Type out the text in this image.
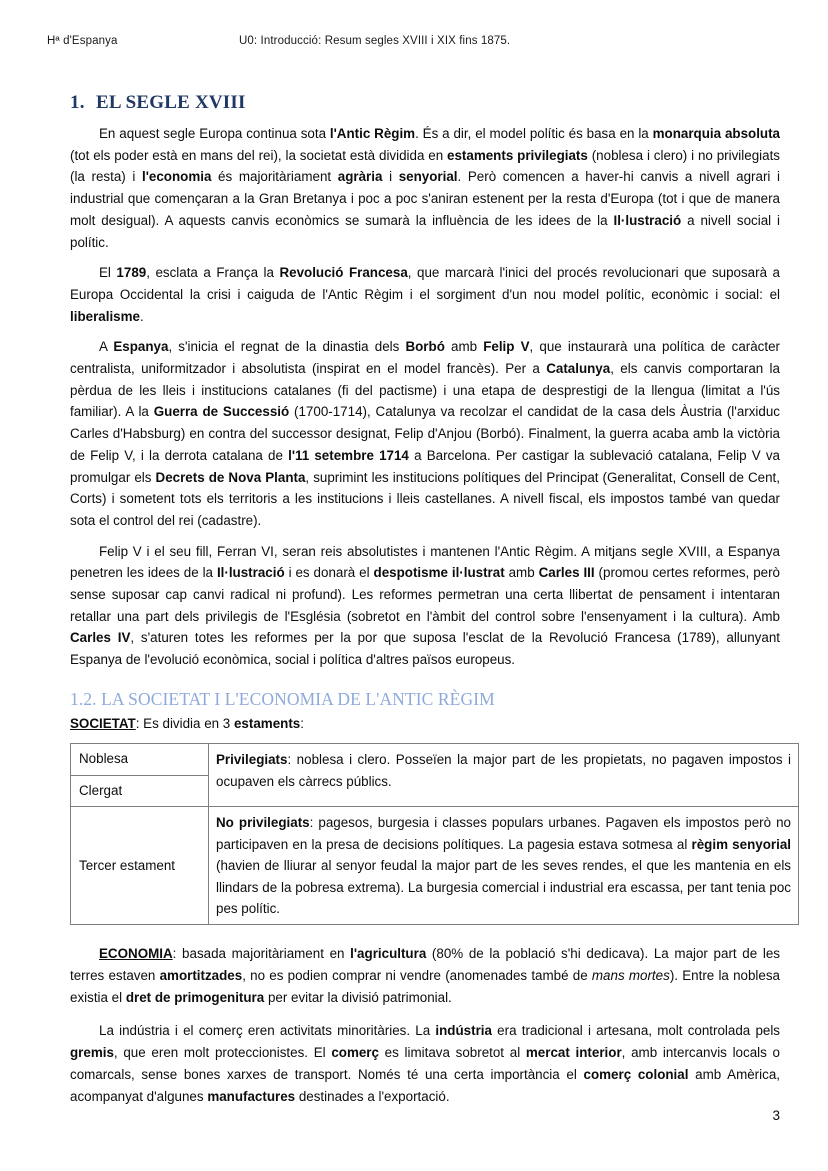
Hª d'Espanya	U0: Introducció: Resum segles XVIII i XIX fins 1875.
1. EL SEGLE XVIII

En aquest segle Europa continua sota l'Antic Règim. És a dir, el model polític és basa en la monarquia absoluta (tot els poder està en mans del rei), la societat està dividida en estaments privilegiats (noblesa i clero) i no privilegiats (la resta) i l'economia és majoritàriament agrària i senyorial. Però comencen a haver-hi canvis a nivell agrari i industrial que començaran a la Gran Bretanya i poc a poc s'aniran estenent per la resta d'Europa (tot i que de manera molt desigual). A aquests canvis econòmics se sumarà la influència de les idees de la Il·lustració a nivell social i polític.

El 1789, esclata a França la Revolució Francesa, que marcarà l'inici del procés revolucionari que suposarà a Europa Occidental la crisi i caiguda de l'Antic Règim i el sorgiment d'un nou model polític, econòmic i social: el liberalisme.

A Espanya, s'inicia el regnat de la dinastia dels Borbó amb Felip V, que instaurarà una política de caràcter centralista, uniformitzador i absolutista (inspirat en el model francès). Per a Catalunya, els canvis comportaran la pèrdua de les lleis i institucions catalanes (fi del pactisme) i una etapa de desprestigi de la llengua (limitat a l'ús familiar). A la Guerra de Successió (1700-1714), Catalunya va recolzar el candidat de la casa dels Àustria (l'arxiduc Carles d'Habsburg) en contra del successor designat, Felip d'Anjou (Borbó). Finalment, la guerra acaba amb la victòria de Felip V, i la derrota catalana de l'11 setembre 1714 a Barcelona. Per castigar la sublevació catalana, Felip V va promulgar els Decrets de Nova Planta, suprimint les institucions polítiques del Principat (Generalitat, Consell de Cent, Corts) i sometent tots els territoris a les institucions i lleis castellanes. A nivell fiscal, els impostos també van quedar sota el control del rei (cadastre).

Felip V i el seu fill, Ferran VI, seran reis absolutistes i mantenen l'Antic Règim. A mitjans segle XVIII, a Espanya penetren les idees de la Il·lustració i es donarà el despotisme il·lustrat amb Carles III (promou certes reformes, però sense suposar cap canvi radical ni profund). Les reformes permetran una certa llibertat de pensament i intentaran retallar una part dels privilegis de l'Església (sobretot en l'àmbit del control sobre l'ensenyament i la cultura). Amb Carles IV, s'aturen totes les reformes per la por que suposa l'esclat de la Revolució Francesa (1789), allunyant Espanya de l'evolució econòmica, social i política d'altres països europeus.

1.2. LA SOCIETAT I L'ECONOMIA DE L'ANTIC RÈGIM

SOCIETAT: Es dividia en 3 estaments:

Noblesa	Privilegiats: noblesa i clero. Posseïen la major part de les propietats, no pagaven impostos i ocupaven els càrrecs públics.
Clergat	
Tercer estament	No privilegiats: pagesos, burgesia i classes populars urbanes. Pagaven els impostos però no participaven en la presa de decisions polítiques. La pagesia estava sotmesa al règim senyorial (havien de lliurar al senyor feudal la major part de les seves rendes, el que les mantenia en els llindars de la pobresa extrema). La burgesia comercial i industrial era escassa, per tant tenia poc pes polític.

ECONOMIA: basada majoritàriament en l'agricultura (80% de la població s'hi dedicava). La major part de les terres estaven amortitzades, no es podien comprar ni vendre (anomenades també de mans mortes). Entre la noblesa existia el dret de primogenitura per evitar la divisió patrimonial.

La indústria i el comerç eren activitats minoritàries. La indústria era tradicional i artesana, molt controlada pels gremis, que eren molt proteccionistes. El comerç es limitava sobretot al mercat interior, amb intercanvis locals o comarcals, sense bones xarxes de transport. Només té una certa importància el comerç colonial amb Amèrica, acompanyat d'algunes manufactures destinades a l'exportació.

3
